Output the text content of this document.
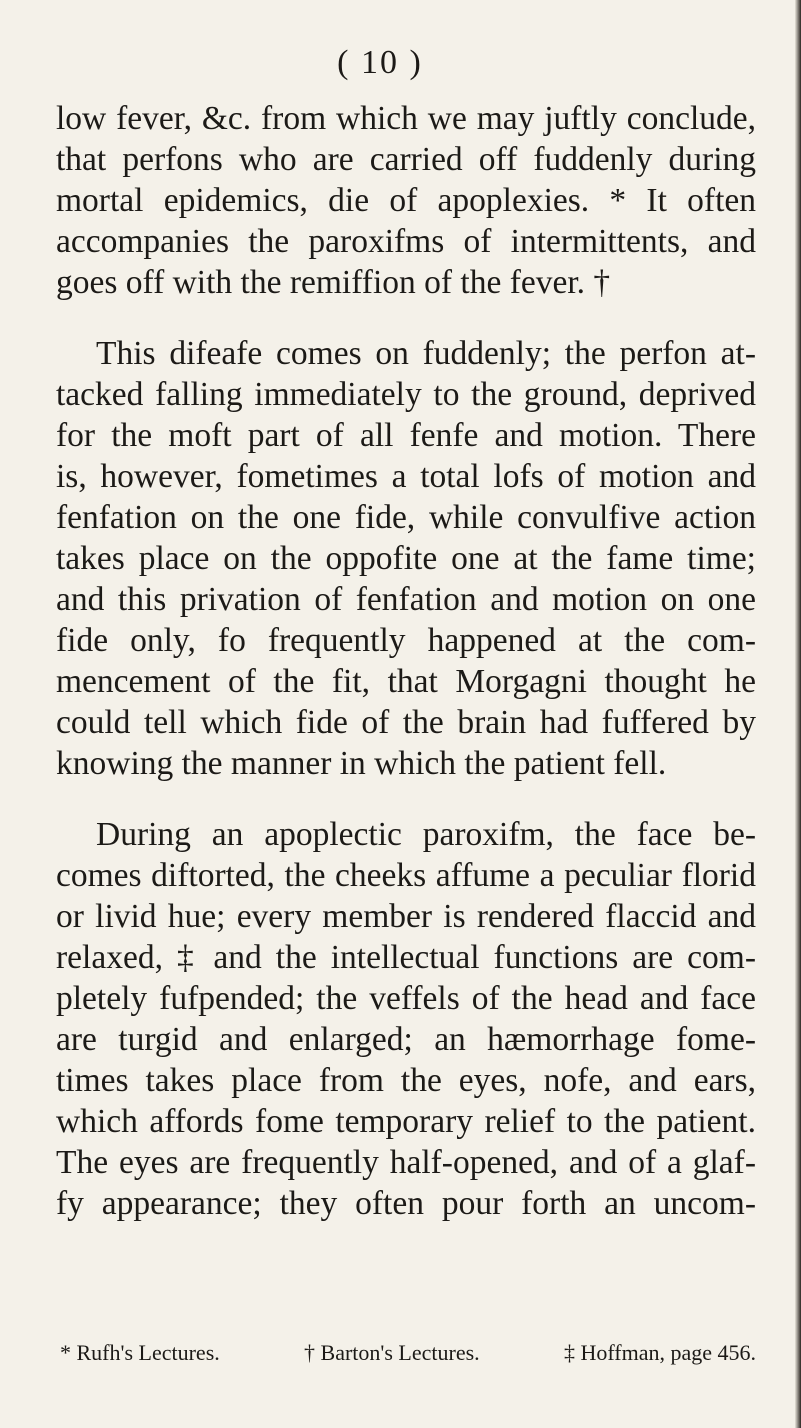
( 10 )
low fever, &c. from which we may juftly conclude,
that perfons who are carried off fuddenly during
mortal epidemics, die of apoplexies. * It often
accompanies the paroxifms of intermittents, and
goes off with the remiffion of the fever. †
This difeafe comes on fuddenly; the perfon at-
tacked falling immediately to the ground, deprived
for the moft part of all fenfe and motion. There
is, however, fometimes a total lofs of motion and
fenfation on the one fide, while convulfive action
takes place on the oppofite one at the fame time;
and this privation of fenfation and motion on one
fide only, fo frequently happened at the com-
mencement of the fit, that Morgagni thought he
could tell which fide of the brain had fuffered by
knowing the manner in which the patient fell.
During an apoplectic paroxifm, the face be-
comes diftorted, the cheeks affume a peculiar florid
or livid hue; every member is rendered flaccid and
relaxed, ‡ and the intellectual functions are com-
pletely fufpended; the veffels of the head and face
are turgid and enlarged; an hæmorrhage fome-
times takes place from the eyes, nofe, and ears,
which affords fome temporary relief to the patient.
The eyes are frequently half-opened, and of a glaf-
fy appearance; they often pour forth an uncom-
* Rufh's Lectures.	† Barton's Lectures.	‡ Hoffman, page 456.
